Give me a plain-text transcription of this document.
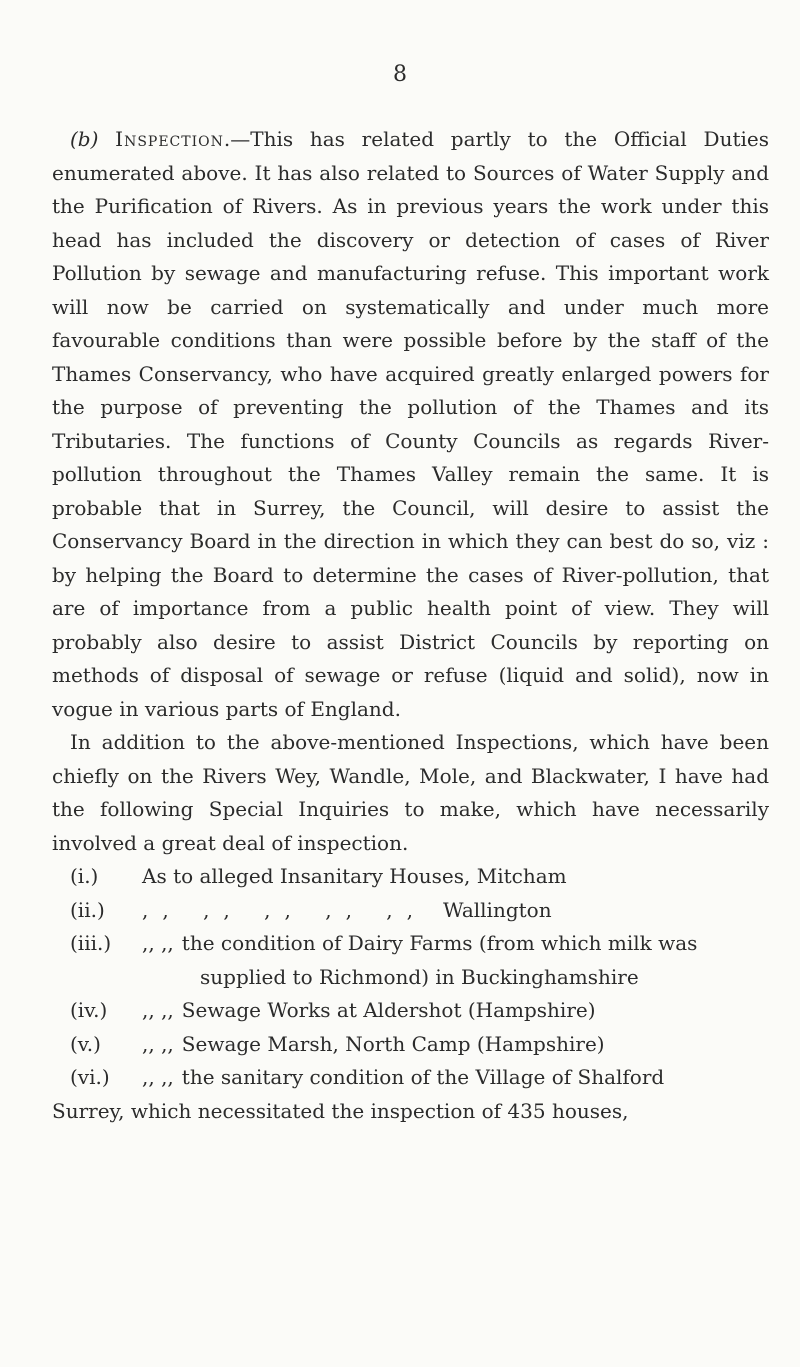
8

(b) Inspection.—This has related partly to the Official Duties enumerated above. It has also related to Sources of Water Supply and the Purification of Rivers. As in previous years the work under this head has included the discovery or detection of cases of River Pollution by sewage and manufacturing refuse. This important work will now be carried on systematically and under much more favourable conditions than were possible before by the staff of the Thames Conservancy, who have acquired greatly enlarged powers for the purpose of preventing the pollution of the Thames and its Tributaries. The functions of County Councils as regards River-pollution throughout the Thames Valley remain the same. It is probable that in Surrey, the Council, will desire to assist the Conservancy Board in the direction in which they can best do so, viz : by helping the Board to determine the cases of River-pollution, that are of importance from a public health point of view. They will probably also desire to assist District Councils by reporting on methods of disposal of sewage or refuse (liquid and solid), now in vogue in various parts of England.

In addition to the above-mentioned Inspections, which have been chiefly on the Rivers Wey, Wandle, Mole, and Blackwater, I have had the following Special Inquiries to make, which have necessarily involved a great deal of inspection.

(i.)	As to alleged Insanitary Houses, Mitcham
(ii.)	,, ,, ,, ,, ,, Wallington
(iii.)	,, ,, the condition of Dairy Farms (from which milk was

supplied to Richmond) in Buckinghamshire

(iv.)	,, ,, Sewage Works at Aldershot (Hampshire)
(v.)	,, ,, Sewage Marsh, North Camp (Hampshire)
(vi.)	,, ,, the sanitary condition of the Village of Shalford

Surrey, which necessitated the inspection of 435 houses,
